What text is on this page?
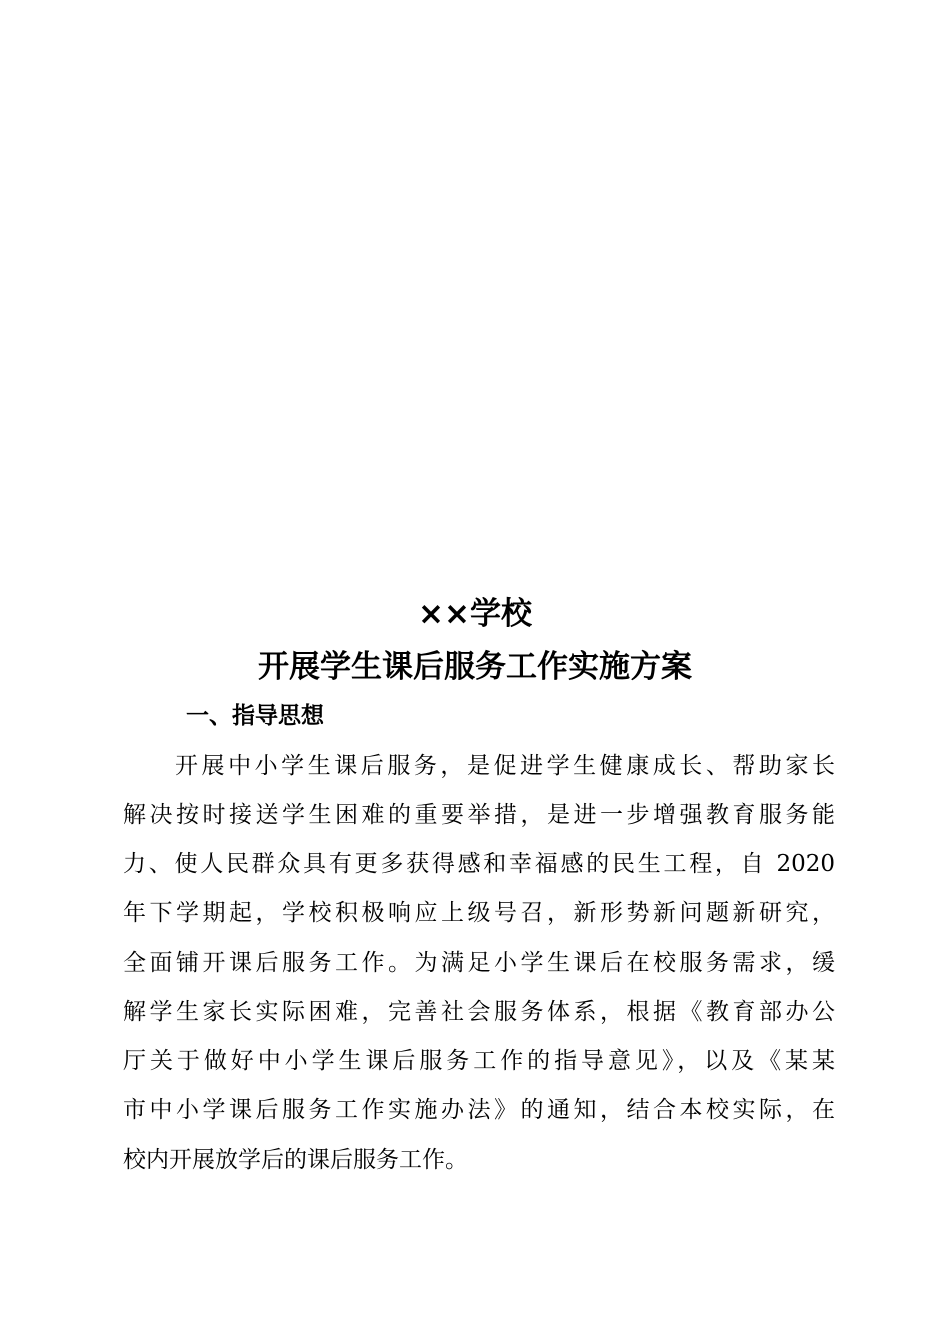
××学校
开展学生课后服务工作实施方案
一、指导思想
开展中小学生课后服务，是促进学生健康成长、帮助家长
解决按时接送学生困难的重要举措，是进一步增强教育服务能
力、使人民群众具有更多获得感和幸福感的民生工程，自 2020
年下学期起，学校积极响应上级号召，新形势新问题新研究，
全面铺开课后服务工作。为满足小学生课后在校服务需求，缓
解学生家长实际困难，完善社会服务体系，根据《教育部办公
厅关于做好中小学生课后服务工作的指导意见》，以及《某某
市中小学课后服务工作实施办法》的通知，结合本校实际，在
校内开展放学后的课后服务工作。
